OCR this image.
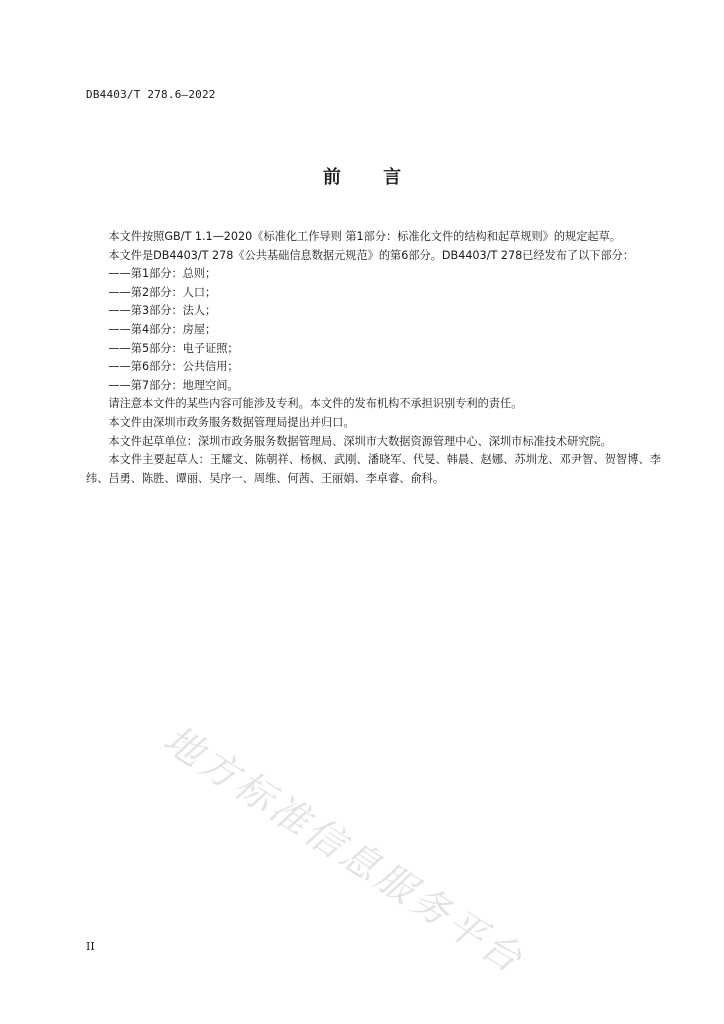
DB4403/T 278.6—2022
前 言

本文件按照GB/T 1.1—2020《标准化工作导则 第1部分：标准化文件的结构和起草规则》的规定起草。

本文件是DB4403/T 278《公共基础信息数据元规范》的第6部分。DB4403/T 278已经发布了以下部分：

——第1部分：总则；
——第2部分：人口；
——第3部分：法人；
——第4部分：房屋；
——第5部分：电子证照；
——第6部分：公共信用；
——第7部分：地理空间。

请注意本文件的某些内容可能涉及专利。本文件的发布机构不承担识别专利的责任。

本文件由深圳市政务服务数据管理局提出并归口。

本文件起草单位：深圳市政务服务数据管理局、深圳市大数据资源管理中心、深圳市标准技术研究院。

本文件主要起草人：王耀文、陈朝祥、杨枫、武刚、潘晓军、代旻、韩晨、赵娜、苏圳龙、邓尹智、贺智博、李纬、吕勇、陈胜、谭丽、吴序一、周维、何茜、王丽娟、李卓睿、俞科。

地方标准信息服务平台
II
